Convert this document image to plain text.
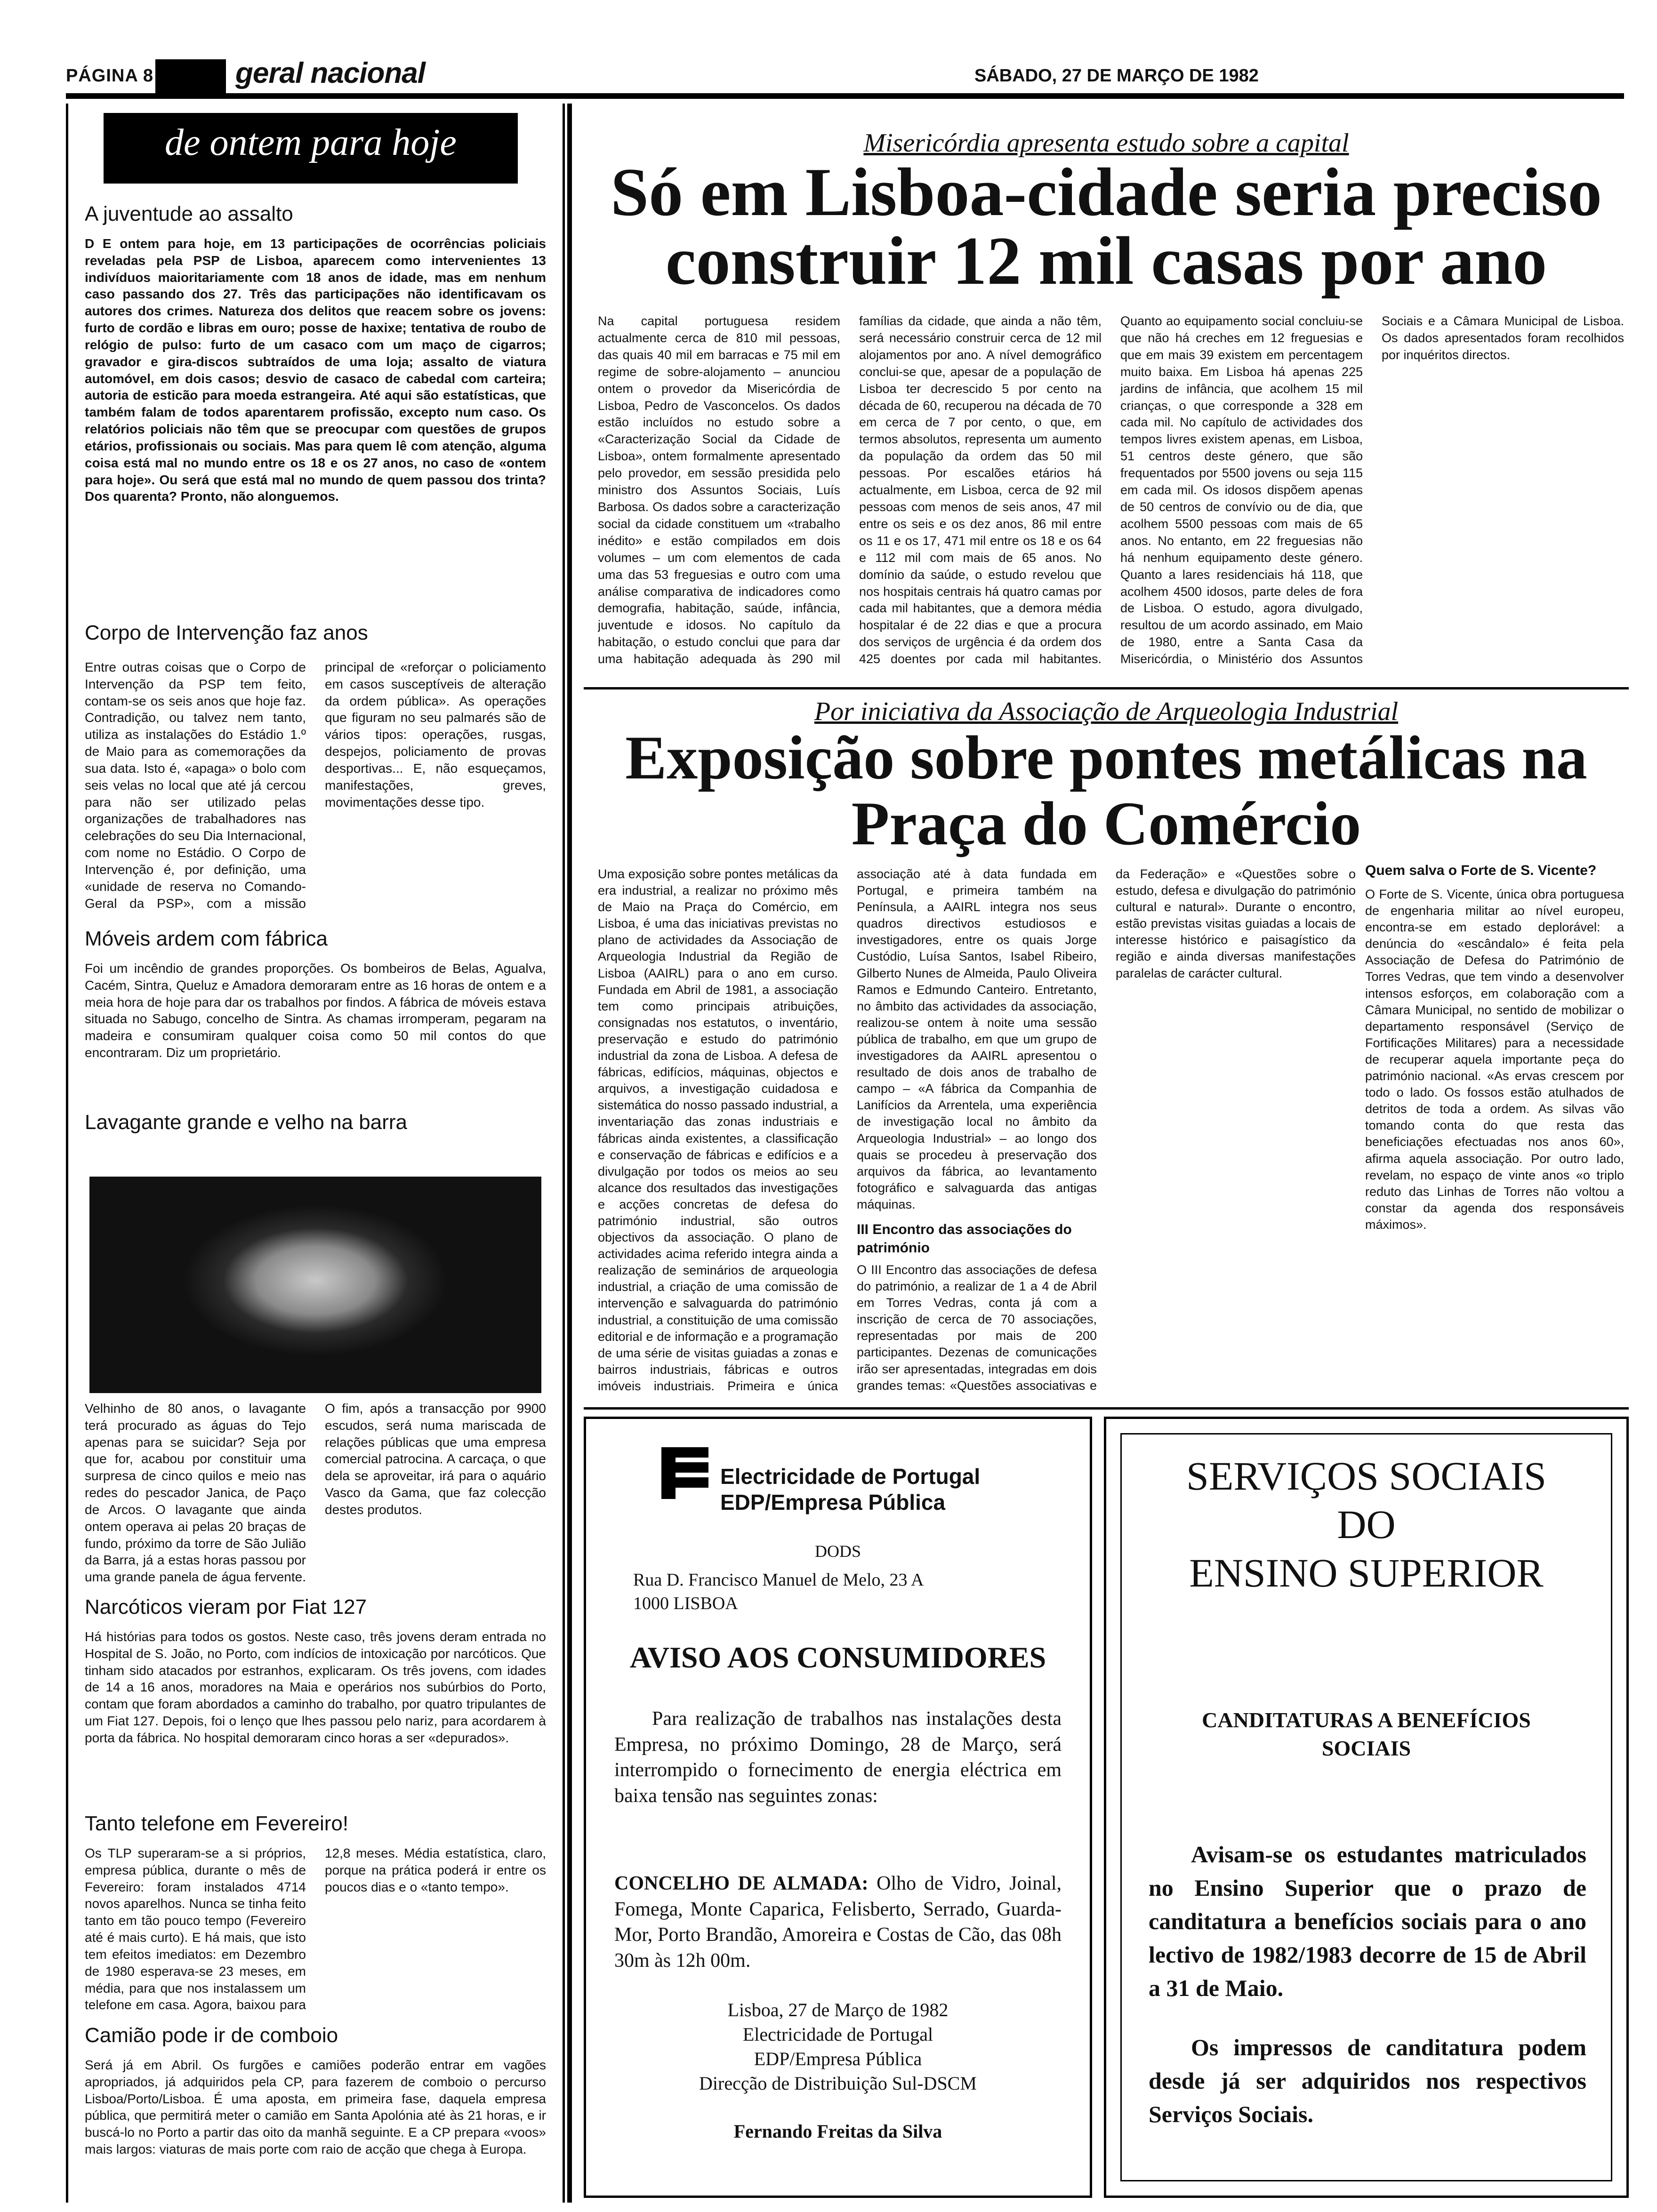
PÁGINA 8	geral nacional	SÁBADO, 27 DE MARÇO DE 1982
de ontem para hoje
A juventude ao assalto
D E ontem para hoje, em 13 participações de ocorrências policiais reveladas pela PSP de Lisboa, aparecem como intervenientes 13 indivíduos maioritariamente com 18 anos de idade, mas em nenhum caso passando dos 27. Três das participações não identificavam os autores dos crimes. Natureza dos delitos que reacem sobre os jovens: furto de cordão e libras em ouro; posse de haxixe; tentativa de roubo de relógio de pulso: furto de um casaco com um maço de cigarros; gravador e gira-discos subtraídos de uma loja; assalto de viatura automóvel, em dois casos; desvio de casaco de cabedal com carteira; autoria de esticão para moeda estrangeira. Até aqui são estatísticas, que também falam de todos aparentarem profissão, excepto num caso. Os relatórios policiais não têm que se preocupar com questões de grupos etários, profissionais ou sociais. Mas para quem lê com atenção, alguma coisa está mal no mundo entre os 18 e os 27 anos, no caso de «ontem para hoje». Ou será que está mal no mundo de quem passou dos trinta? Dos quarenta? Pronto, não alonguemos.
Corpo de Intervenção faz anos
Entre outras coisas que o Corpo de Intervenção da PSP tem feito, contam-se os seis anos que hoje faz. Contradição, ou talvez nem tanto, utiliza as instalações do Estádio 1.º de Maio para as comemorações da sua data. Isto é, «apaga» o bolo com seis velas no local que até já cercou para não ser utilizado pelas organizações de trabalhadores nas celebrações do seu Dia Internacional, com nome no Estádio. O Corpo de Intervenção é, por definição, uma «unidade de reserva no Comando-Geral da PSP», com a missão principal de «reforçar o policiamento em casos susceptíveis de alteração da ordem pública». As operações que figuram no seu palmarés são de vários tipos: operações, rusgas, despejos, policiamento de provas desportivas... E, não esqueçamos, manifestações, greves, movimentações desse tipo.
Móveis ardem com fábrica
Foi um incêndio de grandes proporções. Os bombeiros de Belas, Agualva, Cacém, Sintra, Queluz e Amadora demoraram entre as 16 horas de ontem e a meia hora de hoje para dar os trabalhos por findos. A fábrica de móveis estava situada no Sabugo, concelho de Sintra. As chamas irromperam, pegaram na madeira e consumiram qualquer coisa como 50 mil contos do que encontraram. Diz um proprietário.
Lavagante grande e velho na barra
Velhinho de 80 anos, o lavagante terá procurado as águas do Tejo apenas para se suicidar? Seja por que for, acabou por constituir uma surpresa de cinco quilos e meio nas redes do pescador Janica, de Paço de Arcos. O lavagante que ainda ontem operava ai pelas 20 braças de fundo, próximo da torre de São Julião da Barra, já a estas horas passou por uma grande panela de água fervente. O fim, após a transacção por 9900 escudos, será numa mariscada de relações públicas que uma empresa comercial patrocina. A carcaça, o que dela se aproveitar, irá para o aquário Vasco da Gama, que faz colecção destes produtos.
Narcóticos vieram por Fiat 127
Há histórias para todos os gostos. Neste caso, três jovens deram entrada no Hospital de S. João, no Porto, com indícios de intoxicação por narcóticos. Que tinham sido atacados por estranhos, explicaram. Os três jovens, com idades de 14 a 16 anos, moradores na Maia e operários nos subúrbios do Porto, contam que foram abordados a caminho do trabalho, por quatro tripulantes de um Fiat 127. Depois, foi o lenço que lhes passou pelo nariz, para acordarem à porta da fábrica. No hospital demoraram cinco horas a ser «depurados».
Tanto telefone em Fevereiro!
Os TLP superaram-se a si próprios, empresa pública, durante o mês de Fevereiro: foram instalados 4714 novos aparelhos. Nunca se tinha feito tanto em tão pouco tempo (Fevereiro até é mais curto). E há mais, que isto tem efeitos imediatos: em Dezembro de 1980 esperava-se 23 meses, em média, para que nos instalassem um telefone em casa. Agora, baixou para 12,8 meses. Média estatística, claro, porque na prática poderá ir entre os poucos dias e o «tanto tempo».
Camião pode ir de comboio
Será já em Abril. Os furgões e camiões poderão entrar em vagões apropriados, já adquiridos pela CP, para fazerem de comboio o percurso Lisboa/Porto/Lisboa. É uma aposta, em primeira fase, daquela empresa pública, que permitirá meter o camião em Santa Apolónia até às 21 horas, e ir buscá-lo no Porto a partir das oito da manhã seguinte. E a CP prepara «voos» mais largos: viaturas de mais porte com raio de acção que chega à Europa.
Misericórdia apresenta estudo sobre a capital
Só em Lisboa-cidade seria preciso construir 12 mil casas por ano
Na capital portuguesa residem actualmente cerca de 810 mil pessoas, das quais 40 mil em barracas e 75 mil em regime de sobre-alojamento – anunciou ontem o provedor da Misericórdia de Lisboa, Pedro de Vasconcelos. Os dados estão incluídos no estudo sobre a «Caracterização Social da Cidade de Lisboa», ontem formalmente apresentado pelo provedor, em sessão presidida pelo ministro dos Assuntos Sociais, Luís Barbosa. Os dados sobre a caracterização social da cidade constituem um «trabalho inédito» e estão compilados em dois volumes – um com elementos de cada uma das 53 freguesias e outro com uma análise comparativa de indicadores como demografia, habitação, saúde, infância, juventude e idosos. No capítulo da habitação, o estudo conclui que para dar uma habitação adequada às 290 mil famílias da cidade, que ainda a não têm, será necessário construir cerca de 12 mil alojamentos por ano. A nível demográfico conclui-se que, apesar de a população de Lisboa ter decrescido 5 por cento na década de 60, recuperou na década de 70 em cerca de 7 por cento, o que, em termos absolutos, representa um aumento da população da ordem das 50 mil pessoas. Por escalões etários há actualmente, em Lisboa, cerca de 92 mil pessoas com menos de seis anos, 47 mil entre os seis e os dez anos, 86 mil entre os 11 e os 17, 471 mil entre os 18 e os 64 e 112 mil com mais de 65 anos. No domínio da saúde, o estudo revelou que nos hospitais centrais há quatro camas por cada mil habitantes, que a demora média hospitalar é de 22 dias e que a procura dos serviços de urgência é da ordem dos 425 doentes por cada mil habitantes. Quanto ao equipamento social concluiu-se que não há creches em 12 freguesias e que em mais 39 existem em percentagem muito baixa. Em Lisboa há apenas 225 jardins de infância, que acolhem 15 mil crianças, o que corresponde a 328 em cada mil. No capítulo de actividades dos tempos livres existem apenas, em Lisboa, 51 centros deste género, que são frequentados por 5500 jovens ou seja 115 em cada mil. Os idosos dispõem apenas de 50 centros de convívio ou de dia, que acolhem 5500 pessoas com mais de 65 anos. No entanto, em 22 freguesias não há nenhum equipamento deste género. Quanto a lares residenciais há 118, que acolhem 4500 idosos, parte deles de fora de Lisboa. O estudo, agora divulgado, resultou de um acordo assinado, em Maio de 1980, entre a Santa Casa da Misericórdia, o Ministério dos Assuntos Sociais e a Câmara Municipal de Lisboa. Os dados apresentados foram recolhidos por inquéritos directos.
Por iniciativa da Associação de Arqueologia Industrial
Exposição sobre pontes metálicas na Praça do Comércio
Uma exposição sobre pontes metálicas da era industrial, a realizar no próximo mês de Maio na Praça do Comércio, em Lisboa, é uma das iniciativas previstas no plano de actividades da Associação de Arqueologia Industrial da Região de Lisboa (AAIRL) para o ano em curso. Fundada em Abril de 1981, a associação tem como principais atribuições, consignadas nos estatutos, o inventário, preservação e estudo do património industrial da zona de Lisboa. A defesa de fábricas, edifícios, máquinas, objectos e arquivos, a investigação cuidadosa e sistemática do nosso passado industrial, a inventariação das zonas industriais e fábricas ainda existentes, a classificação e conservação de fábricas e edifícios e a divulgação por todos os meios ao seu alcance dos resultados das investigações e acções concretas de defesa do património industrial, são outros objectivos da associação. O plano de actividades acima referido integra ainda a realização de seminários de arqueologia industrial, a criação de uma comissão de intervenção e salvaguarda do património industrial, a constituição de uma comissão editorial e de informação e a programação de uma série de visitas guiadas a zonas e bairros industriais, fábricas e outros imóveis industriais. Primeira e única associação até à data fundada em Portugal, e primeira também na Península, a AAIRL integra nos seus quadros directivos estudiosos e investigadores, entre os quais Jorge Custódio, Luísa Santos, Isabel Ribeiro, Gilberto Nunes de Almeida, Paulo Oliveira Ramos e Edmundo Canteiro. Entretanto, no âmbito das actividades da associação, realizou-se ontem à noite uma sessão pública de trabalho, em que um grupo de investigadores da AAIRL apresentou o resultado de dois anos de trabalho de campo – «A fábrica da Companhia de Lanifícios da Arrentela, uma experiência de investigação local no âmbito da Arqueologia Industrial» – ao longo dos quais se procedeu à preservação dos arquivos da fábrica, ao levantamento fotográfico e salvaguarda das antigas máquinas.
III Encontro das associações do património
O III Encontro das associações de defesa do património, a realizar de 1 a 4 de Abril em Torres Vedras, conta já com a inscrição de cerca de 70 associações, representadas por mais de 200 participantes. Dezenas de comunicações irão ser apresentadas, integradas em dois grandes temas: «Questões associativas e da Federação» e «Questões sobre o estudo, defesa e divulgação do património cultural e natural». Durante o encontro, estão previstas visitas guiadas a locais de interesse histórico e paisagístico da região e ainda diversas manifestações paralelas de carácter cultural.
Quem salva o Forte de S. Vicente?
O Forte de S. Vicente, única obra portuguesa de engenharia militar ao nível europeu, encontra-se em estado deplorável: a denúncia do «escândalo» é feita pela Associação de Defesa do Património de Torres Vedras, que tem vindo a desenvolver intensos esforços, em colaboração com a Câmara Municipal, no sentido de mobilizar o departamento responsável (Serviço de Fortificações Militares) para a necessidade de recuperar aquela importante peça do património nacional. «As ervas crescem por todo o lado. Os fossos estão atulhados de detritos de toda a ordem. As silvas vão tomando conta do que resta das beneficiações efectuadas nos anos 60», afirma aquela associação. Por outro lado, revelam, no espaço de vinte anos «o triplo reduto das Linhas de Torres não voltou a constar da agenda dos responsáveis máximos».
Electricidade de Portugal
EDP/Empresa Pública
DODS
Rua D. Francisco Manuel de Melo, 23 A
1000 LISBOA
AVISO AOS CONSUMIDORES
Para realização de trabalhos nas instalações desta Empresa, no próximo Domingo, 28 de Março, será interrompido o fornecimento de energia eléctrica em baixa tensão nas seguintes zonas:
CONCELHO DE ALMADA: Olho de Vidro, Joinal, Fomega, Monte Caparica, Felisberto, Serrado, Guarda-Mor, Porto Brandão, Amoreira e Costas de Cão, das 08h 30m às 12h 00m.
Lisboa, 27 de Março de 1982
Electricidade de Portugal
EDP/Empresa Pública
Direcção de Distribuição Sul-DSCM
Fernando Freitas da Silva
SERVIÇOS SOCIAIS
DO
ENSINO SUPERIOR
CANDITATURAS A BENEFÍCIOS
SOCIAIS
Avisam-se os estudantes matriculados no Ensino Superior que o prazo de canditatura a benefícios sociais para o ano lectivo de 1982/1983 decorre de 15 de Abril a 31 de Maio.
Os impressos de canditatura podem desde já ser adquiridos nos respectivos Serviços Sociais.
